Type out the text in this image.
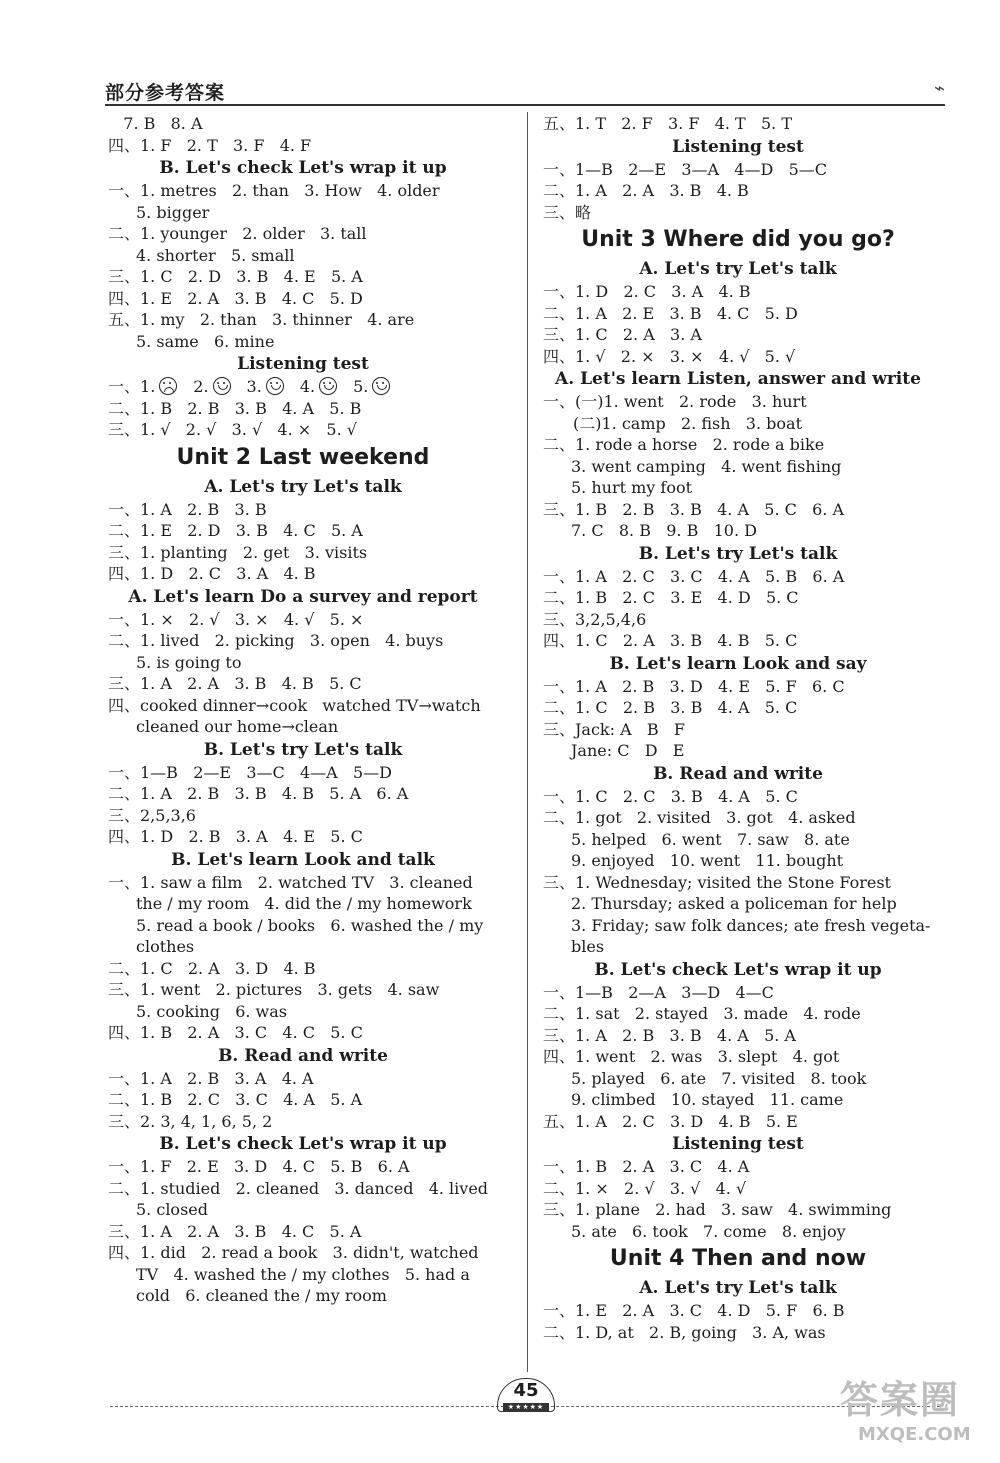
部分参考答案	⌁
7. B   8. A
四、1. F   2. T   3. F   4. F
B. Let's check Let's wrap it up
一、1. metres   2. than   3. How   4. older
5. bigger
二、1. younger   2. older   3. tall
4. shorter   5. small
三、1. C   2. D   3. B   4. E   5. A
四、1. E   2. A   3. B   4. C   5. D
五、1. my   2. than   3. thinner   4. are
5. same   6. mine
Listening test
一、1. 2. 3. 4. 5.
二、1. B   2. B   3. B   4. A   5. B
三、1. √   2. √   3. √   4. ×   5. √
Unit 2 Last weekend
A. Let's try Let's talk
一、1. A   2. B   3. B
二、1. E   2. D   3. B   4. C   5. A
三、1. planting   2. get   3. visits
四、1. D   2. C   3. A   4. B
A. Let's learn Do a survey and report
一、1. ×   2. √   3. ×   4. √   5. ×
二、1. lived   2. picking   3. open   4. buys
5. is going to
三、1. A   2. A   3. B   4. B   5. C
四、cooked dinner→cook   watched TV→watch
cleaned our home→clean
B. Let's try Let's talk
一、1—B   2—E   3—C   4—A   5—D
二、1. A   2. B   3. B   4. B   5. A   6. A
三、2,5,3,6
四、1. D   2. B   3. A   4. E   5. C
B. Let's learn Look and talk
一、1. saw a film   2. watched TV   3. cleaned
the / my room   4. did the / my homework
5. read a book / books   6. washed the / my
clothes
二、1. C   2. A   3. D   4. B
三、1. went   2. pictures   3. gets   4. saw
5. cooking   6. was
四、1. B   2. A   3. C   4. C   5. C
B. Read and write
一、1. A   2. B   3. A   4. A
二、1. B   2. C   3. C   4. A   5. A
三、2. 3, 4, 1, 6, 5, 2
B. Let's check Let's wrap it up
一、1. F   2. E   3. D   4. C   5. B   6. A
二、1. studied   2. cleaned   3. danced   4. lived
5. closed
三、1. A   2. A   3. B   4. C   5. A
四、1. did   2. read a book   3. didn't, watched
TV   4. washed the / my clothes   5. had a
cold   6. cleaned the / my room
五、1. T   2. F   3. F   4. T   5. T
Listening test
一、1—B   2—E   3—A   4—D   5—C
二、1. A   2. A   3. B   4. B
三、略
Unit 3 Where did you go?
A. Let's try Let's talk
一、1. D   2. C   3. A   4. B
二、1. A   2. E   3. B   4. C   5. D
三、1. C   2. A   3. A
四、1. √   2. ×   3. ×   4. √   5. √
A. Let's learn Listen, answer and write
一、(一)1. went   2. rode   3. hurt
(二)1. camp   2. fish   3. boat
二、1. rode a horse   2. rode a bike
3. went camping   4. went fishing
5. hurt my foot
三、1. B   2. B   3. B   4. A   5. C   6. A
7. C   8. B   9. B   10. D
B. Let's try Let's talk
一、1. A   2. C   3. C   4. A   5. B   6. A
二、1. B   2. C   3. E   4. D   5. C
三、3,2,5,4,6
四、1. C   2. A   3. B   4. B   5. C
B. Let's learn Look and say
一、1. A   2. B   3. D   4. E   5. F   6. C
二、1. C   2. B   3. B   4. A   5. C
三、Jack: A   B   F
Jane: C   D   E
B. Read and write
一、1. C   2. C   3. B   4. A   5. C
二、1. got   2. visited   3. got   4. asked
5. helped   6. went   7. saw   8. ate
9. enjoyed   10. went   11. bought
三、1. Wednesday; visited the Stone Forest
2. Thursday; asked a policeman for help
3. Friday; saw folk dances; ate fresh vegeta-
bles
B. Let's check Let's wrap it up
一、1—B   2—A   3—D   4—C
二、1. sat   2. stayed   3. made   4. rode
三、1. A   2. B   3. B   4. A   5. A
四、1. went   2. was   3. slept   4. got
5. played   6. ate   7. visited   8. took
9. climbed   10. stayed   11. came
五、1. A   2. C   3. D   4. B   5. E
Listening test
一、1. B   2. A   3. C   4. A
二、1. ×   2. √   3. √   4. √
三、1. plane   2. had   3. saw   4. swimming
5. ate   6. took   7. come   8. enjoy
Unit 4 Then and now
A. Let's try Let's talk
一、1. E   2. A   3. C   4. D   5. F   6. B
二、1. D, at   2. B, going   3. A, was
45
★★★★★	答案圈
MXQE.COM
